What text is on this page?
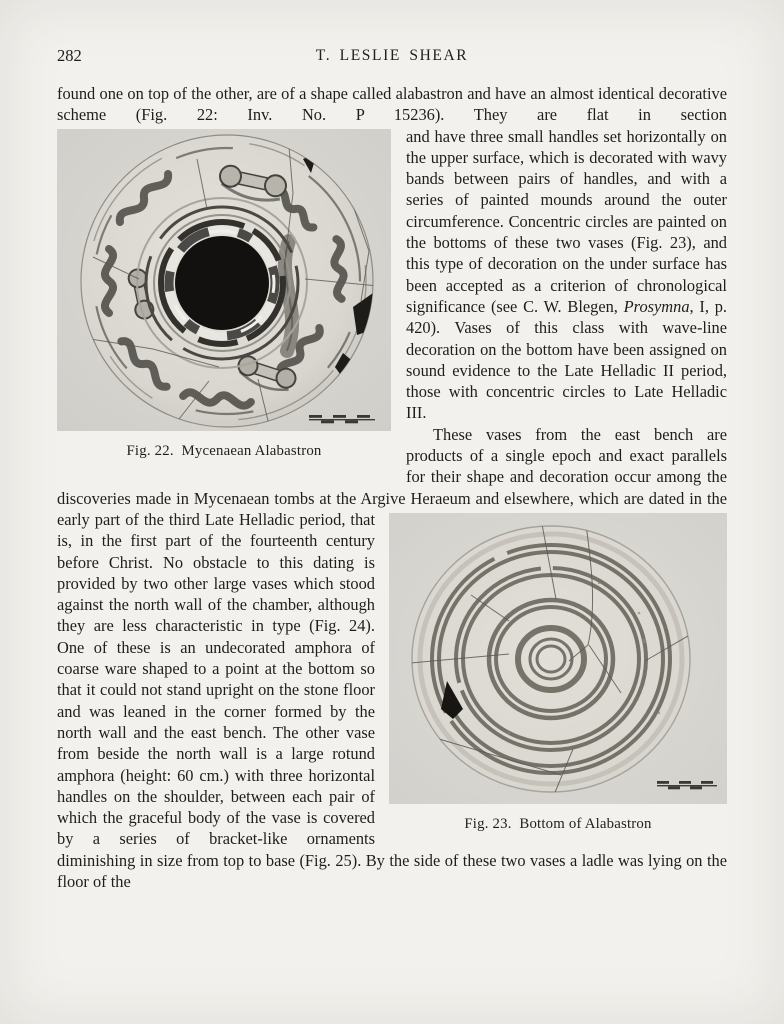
282	T. LESLIE SHEAR

found one on top of the other, are of a shape called alabastron and have an almost identical decorative scheme (Fig. 22: Inv. No. P 15236). They are flat in section

Fig. 22.  Mycenaean Alabastron

and have three small handles set horizontally on the upper surface, which is decorated with wavy bands between pairs of handles, and with a series of painted mounds around the outer circumference. Concentric circles are painted on the bottoms of these two vases (Fig. 23), and this type of decoration on the under surface has been accepted as a criterion of chronological significance (see C. W. Blegen, Prosymna, I, p. 420). Vases of this class with wave-line decoration on the bottom have been assigned on sound evidence to the Late Helladic II period, those with concentric circles to Late Helladic III.

These vases from the east bench are products of a single epoch and exact parallels for their shape and decoration occur among the discoveries made in Mycenaean tombs at the Argive Heraeum and elsewhere,
Fig. 23.  Bottom of Alabastron
which are dated in the early part of the third Late Helladic period, that is, in the first part of the fourteenth century before Christ. No obstacle to this dating is provided by two other large vases which stood against the north wall of the chamber, although they are less characteristic in type (Fig. 24). One of these is an undecorated amphora of coarse ware shaped to a point at the bottom so that it could not stand upright on the stone floor and was leaned in the corner formed by the north wall and the east bench. The other vase from beside the north wall is a large rotund amphora (height: 60 cm.) with three horizontal handles on the shoulder, between each pair of which the graceful body of the vase is covered by a series of bracket-like ornaments diminishing in size from top to base (Fig. 25). By the side of these two vases a ladle was lying on the floor of the
